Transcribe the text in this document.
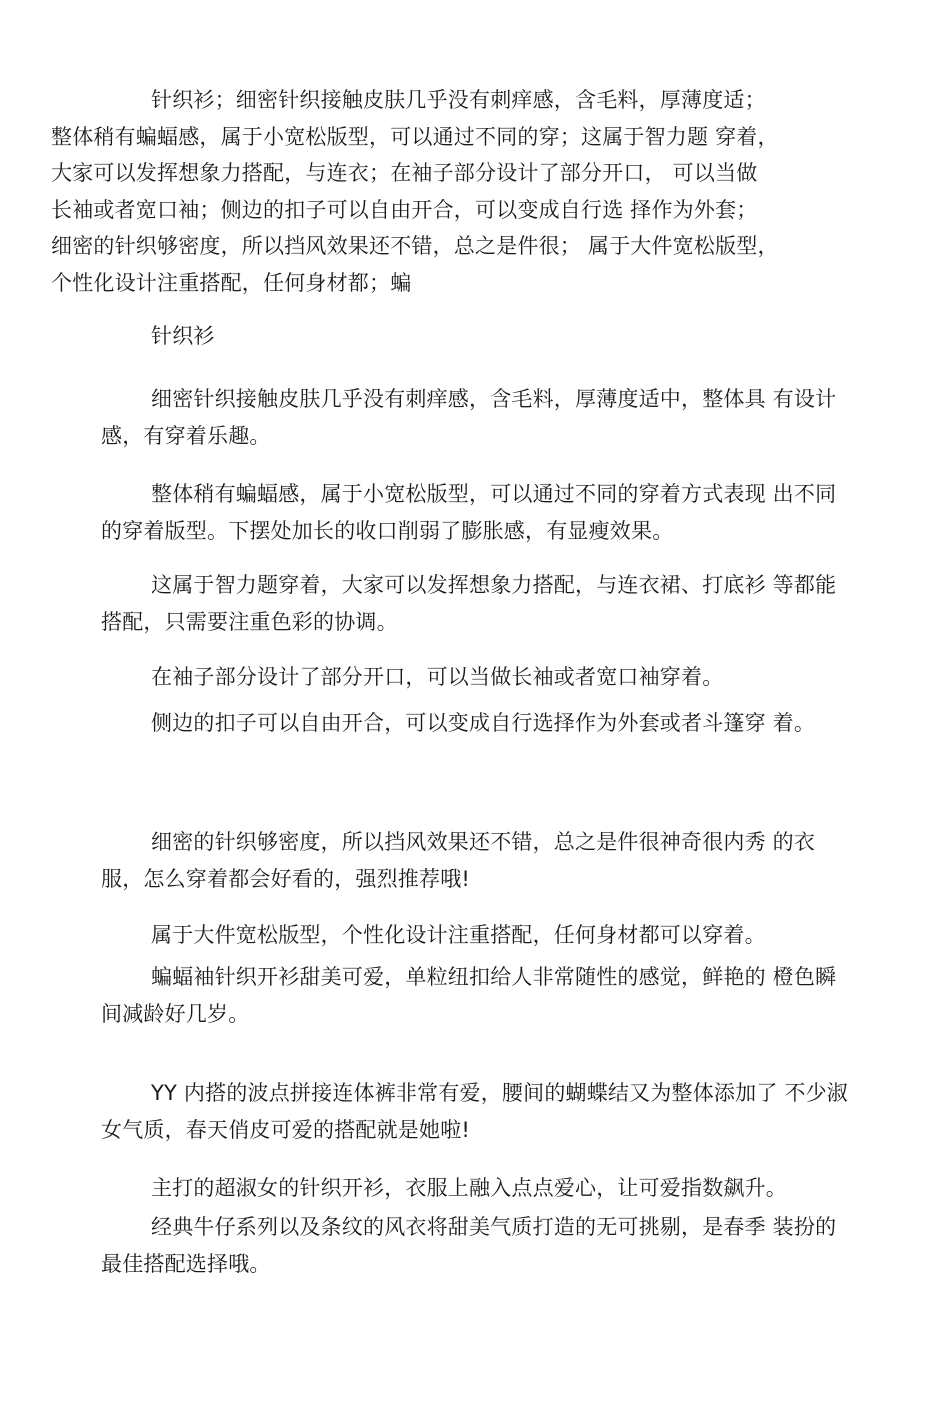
针织衫；细密针织接触皮肤几乎没有刺痒感，含毛料，厚薄度适；
整体稍有蝙蝠感，属于小宽松版型，可以通过不同的穿；这属于智力题 穿着，
大家可以发挥想象力搭配，与连衣；在袖子部分设计了部分开口， 可以当做
长袖或者宽口袖；侧边的扣子可以自由开合，可以变成自行选 择作为外套；
细密的针织够密度，所以挡风效果还不错，总之是件很； 属于大件宽松版型，
个性化设计注重搭配，任何身材都；蝙

针织衫

细密针织接触皮肤几乎没有刺痒感，含毛料，厚薄度适中，整体具 有设计感，有穿着乐趣。

整体稍有蝙蝠感，属于小宽松版型，可以通过不同的穿着方式表现 出不同的穿着版型。下摆处加长的收口削弱了膨胀感，有显瘦效果。

这属于智力题穿着，大家可以发挥想象力搭配，与连衣裙、打底衫 等都能搭配，只需要注重色彩的协调。

在袖子部分设计了部分开口，可以当做长袖或者宽口袖穿着。

侧边的扣子可以自由开合，可以变成自行选择作为外套或者斗篷穿 着。

细密的针织够密度，所以挡风效果还不错，总之是件很神奇很内秀 的衣服，怎么穿着都会好看的，强烈推荐哦!

属于大件宽松版型，个性化设计注重搭配，任何身材都可以穿着。

蝙蝠袖针织开衫甜美可爱，单粒纽扣给人非常随性的感觉，鲜艳的 橙色瞬间减龄好几岁。

YY 内搭的波点拼接连体裤非常有爱，腰间的蝴蝶结又为整体添加了 不少淑女气质，春天俏皮可爱的搭配就是她啦!

主打的超淑女的针织开衫，衣服上融入点点爱心，让可爱指数飙升。

经典牛仔系列以及条纹的风衣将甜美气质打造的无可挑剔，是春季 装扮的最佳搭配选择哦。
